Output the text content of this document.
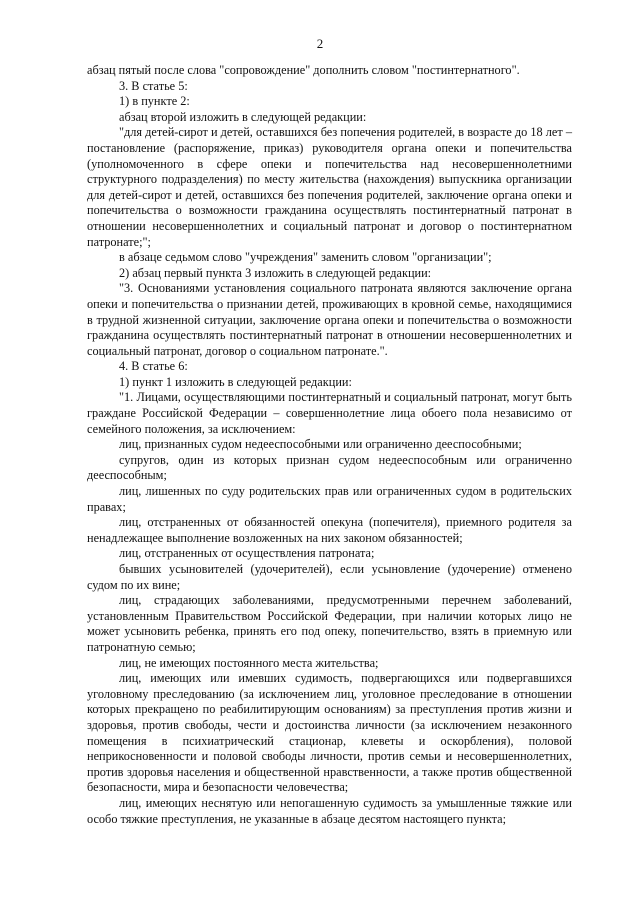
2

абзац пятый после слова "сопровождение" дополнить словом "постинтернатного".

3. В статье 5:

1) в пункте 2:

абзац второй изложить в следующей редакции:

"для детей-сирот и детей, оставшихся без попечения родителей, в возрасте до 18 лет – постановление (распоряжение, приказ) руководителя органа опеки и попечительства (уполномоченного в сфере опеки и попечительства над несовершеннолетними структурного подразделения) по месту жительства (нахождения) выпускника организации для детей-сирот и детей, оставшихся без попечения родителей, заключение органа опеки и попечительства о возможности гражданина осуществлять постинтернатный патронат в отношении несовершеннолетних и социальный патронат и договор о постинтернатном патронате;";

в абзаце седьмом слово "учреждения" заменить словом "организации";

2) абзац первый пункта 3 изложить в следующей редакции:

"3. Основаниями установления социального патроната являются заключение органа опеки и попечительства о признании детей, проживающих в кровной семье, находящимися в трудной жизненной ситуации, заключение органа опеки и попечительства о возможности гражданина осуществлять постинтернатный патронат в отношении несовершеннолетних и социальный патронат, договор о социальном патронате.".

4. В статье 6:

1) пункт 1 изложить в следующей редакции:

"1. Лицами, осуществляющими постинтернатный и социальный патронат, могут быть граждане Российской Федерации – совершеннолетние лица обоего пола независимо от семейного положения, за исключением:

лиц, признанных судом недееспособными или ограниченно дееспособными;

супругов, один из которых признан судом недееспособным или ограниченно дееспособным;

лиц, лишенных по суду родительских прав или ограниченных судом в родительских правах;

лиц, отстраненных от обязанностей опекуна (попечителя), приемного родителя за ненадлежащее выполнение возложенных на них законом обязанностей;

лиц, отстраненных от осуществления патроната;

бывших усыновителей (удочерителей), если усыновление (удочерение) отменено судом по их вине;

лиц, страдающих заболеваниями, предусмотренными перечнем заболеваний, установленным Правительством Российской Федерации, при наличии которых лицо не может усыновить ребенка, принять его под опеку, попечительство, взять в приемную или патронатную семью;

лиц, не имеющих постоянного места жительства;

лиц, имеющих или имевших судимость, подвергающихся или подвергавшихся уголовному преследованию (за исключением лиц, уголовное преследование в отношении которых прекращено по реабилитирующим основаниям) за преступления против жизни и здоровья, против свободы, чести и достоинства личности (за исключением незаконного помещения в психиатрический стационар, клеветы и оскорбления), половой неприкосновенности и половой свободы личности, против семьи и несовершеннолетних, против здоровья населения и общественной нравственности, а также против общественной безопасности, мира и безопасности человечества;

лиц, имеющих неснятую или непогашенную судимость за умышленные тяжкие или особо тяжкие преступления, не указанные в абзаце десятом настоящего пункта;
